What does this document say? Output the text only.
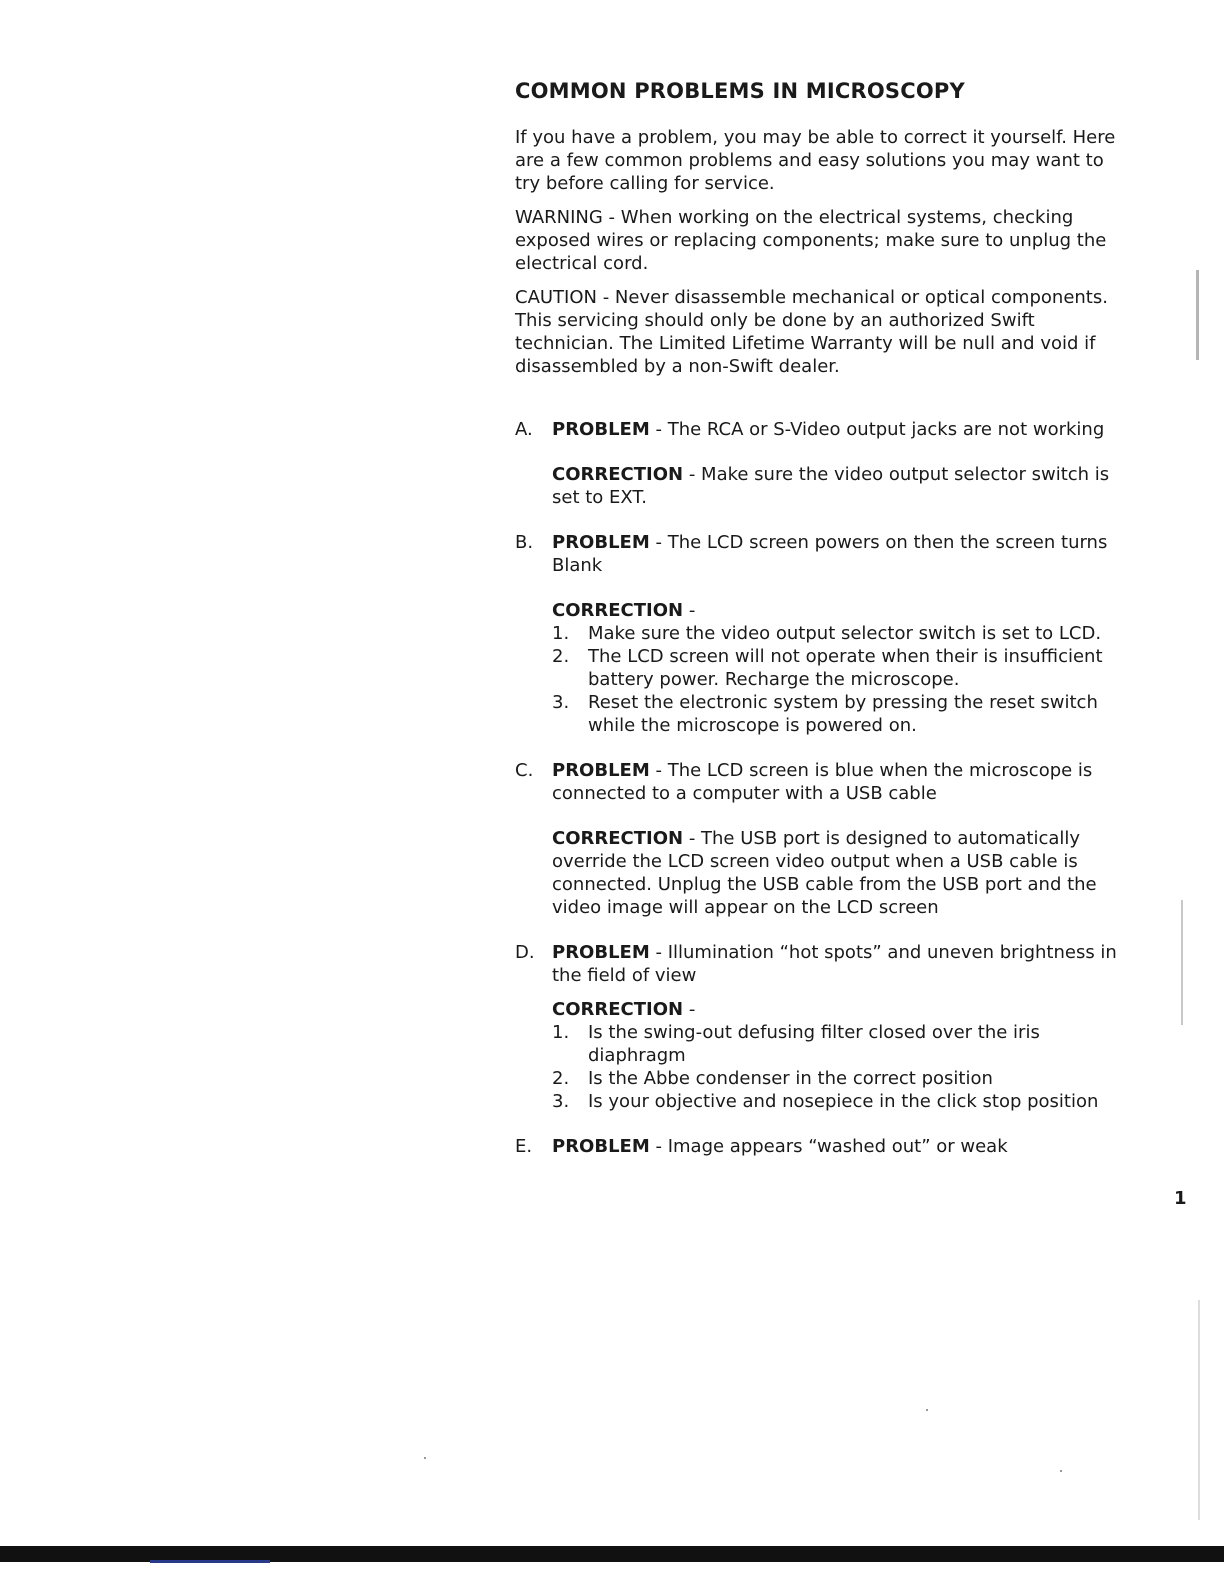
COMMON PROBLEMS IN MICROSCOPY

If you have a problem, you may be able to correct it yourself. Here are a few common problems and easy solutions you may want to try before calling for service.

WARNING - When working on the electrical systems, checking exposed wires or replacing components; make sure to unplug the electrical cord.

CAUTION - Never disassemble mechanical or optical components. This servicing should only be done by an authorized Swift technician. The Limited Lifetime Warranty will be null and void if disassembled by a non-Swift dealer.

A. PROBLEM - The RCA or S-Video output jacks are not working

CORRECTION - Make sure the video output selector switch is set to EXT.

B. PROBLEM - The LCD screen powers on then the screen turns Blank

CORRECTION -

1. Make sure the video output selector switch is set to LCD.
2. The LCD screen will not operate when their is insufficient battery power. Recharge the microscope.
3. Reset the electronic system by pressing the reset switch while the microscope is powered on.
C. PROBLEM - The LCD screen is blue when the microscope is connected to a computer with a USB cable

CORRECTION - The USB port is designed to automatically override the LCD screen video output when a USB cable is connected. Unplug the USB cable from the USB port and the video image will appear on the LCD screen

D. PROBLEM - Illumination “hot spots” and uneven brightness in the field of view

CORRECTION -

1. Is the swing-out defusing filter closed over the iris diaphragm
2. Is the Abbe condenser in the correct position
3. Is your objective and nosepiece in the click stop position
E. PROBLEM - Image appears “washed out” or weak

1
